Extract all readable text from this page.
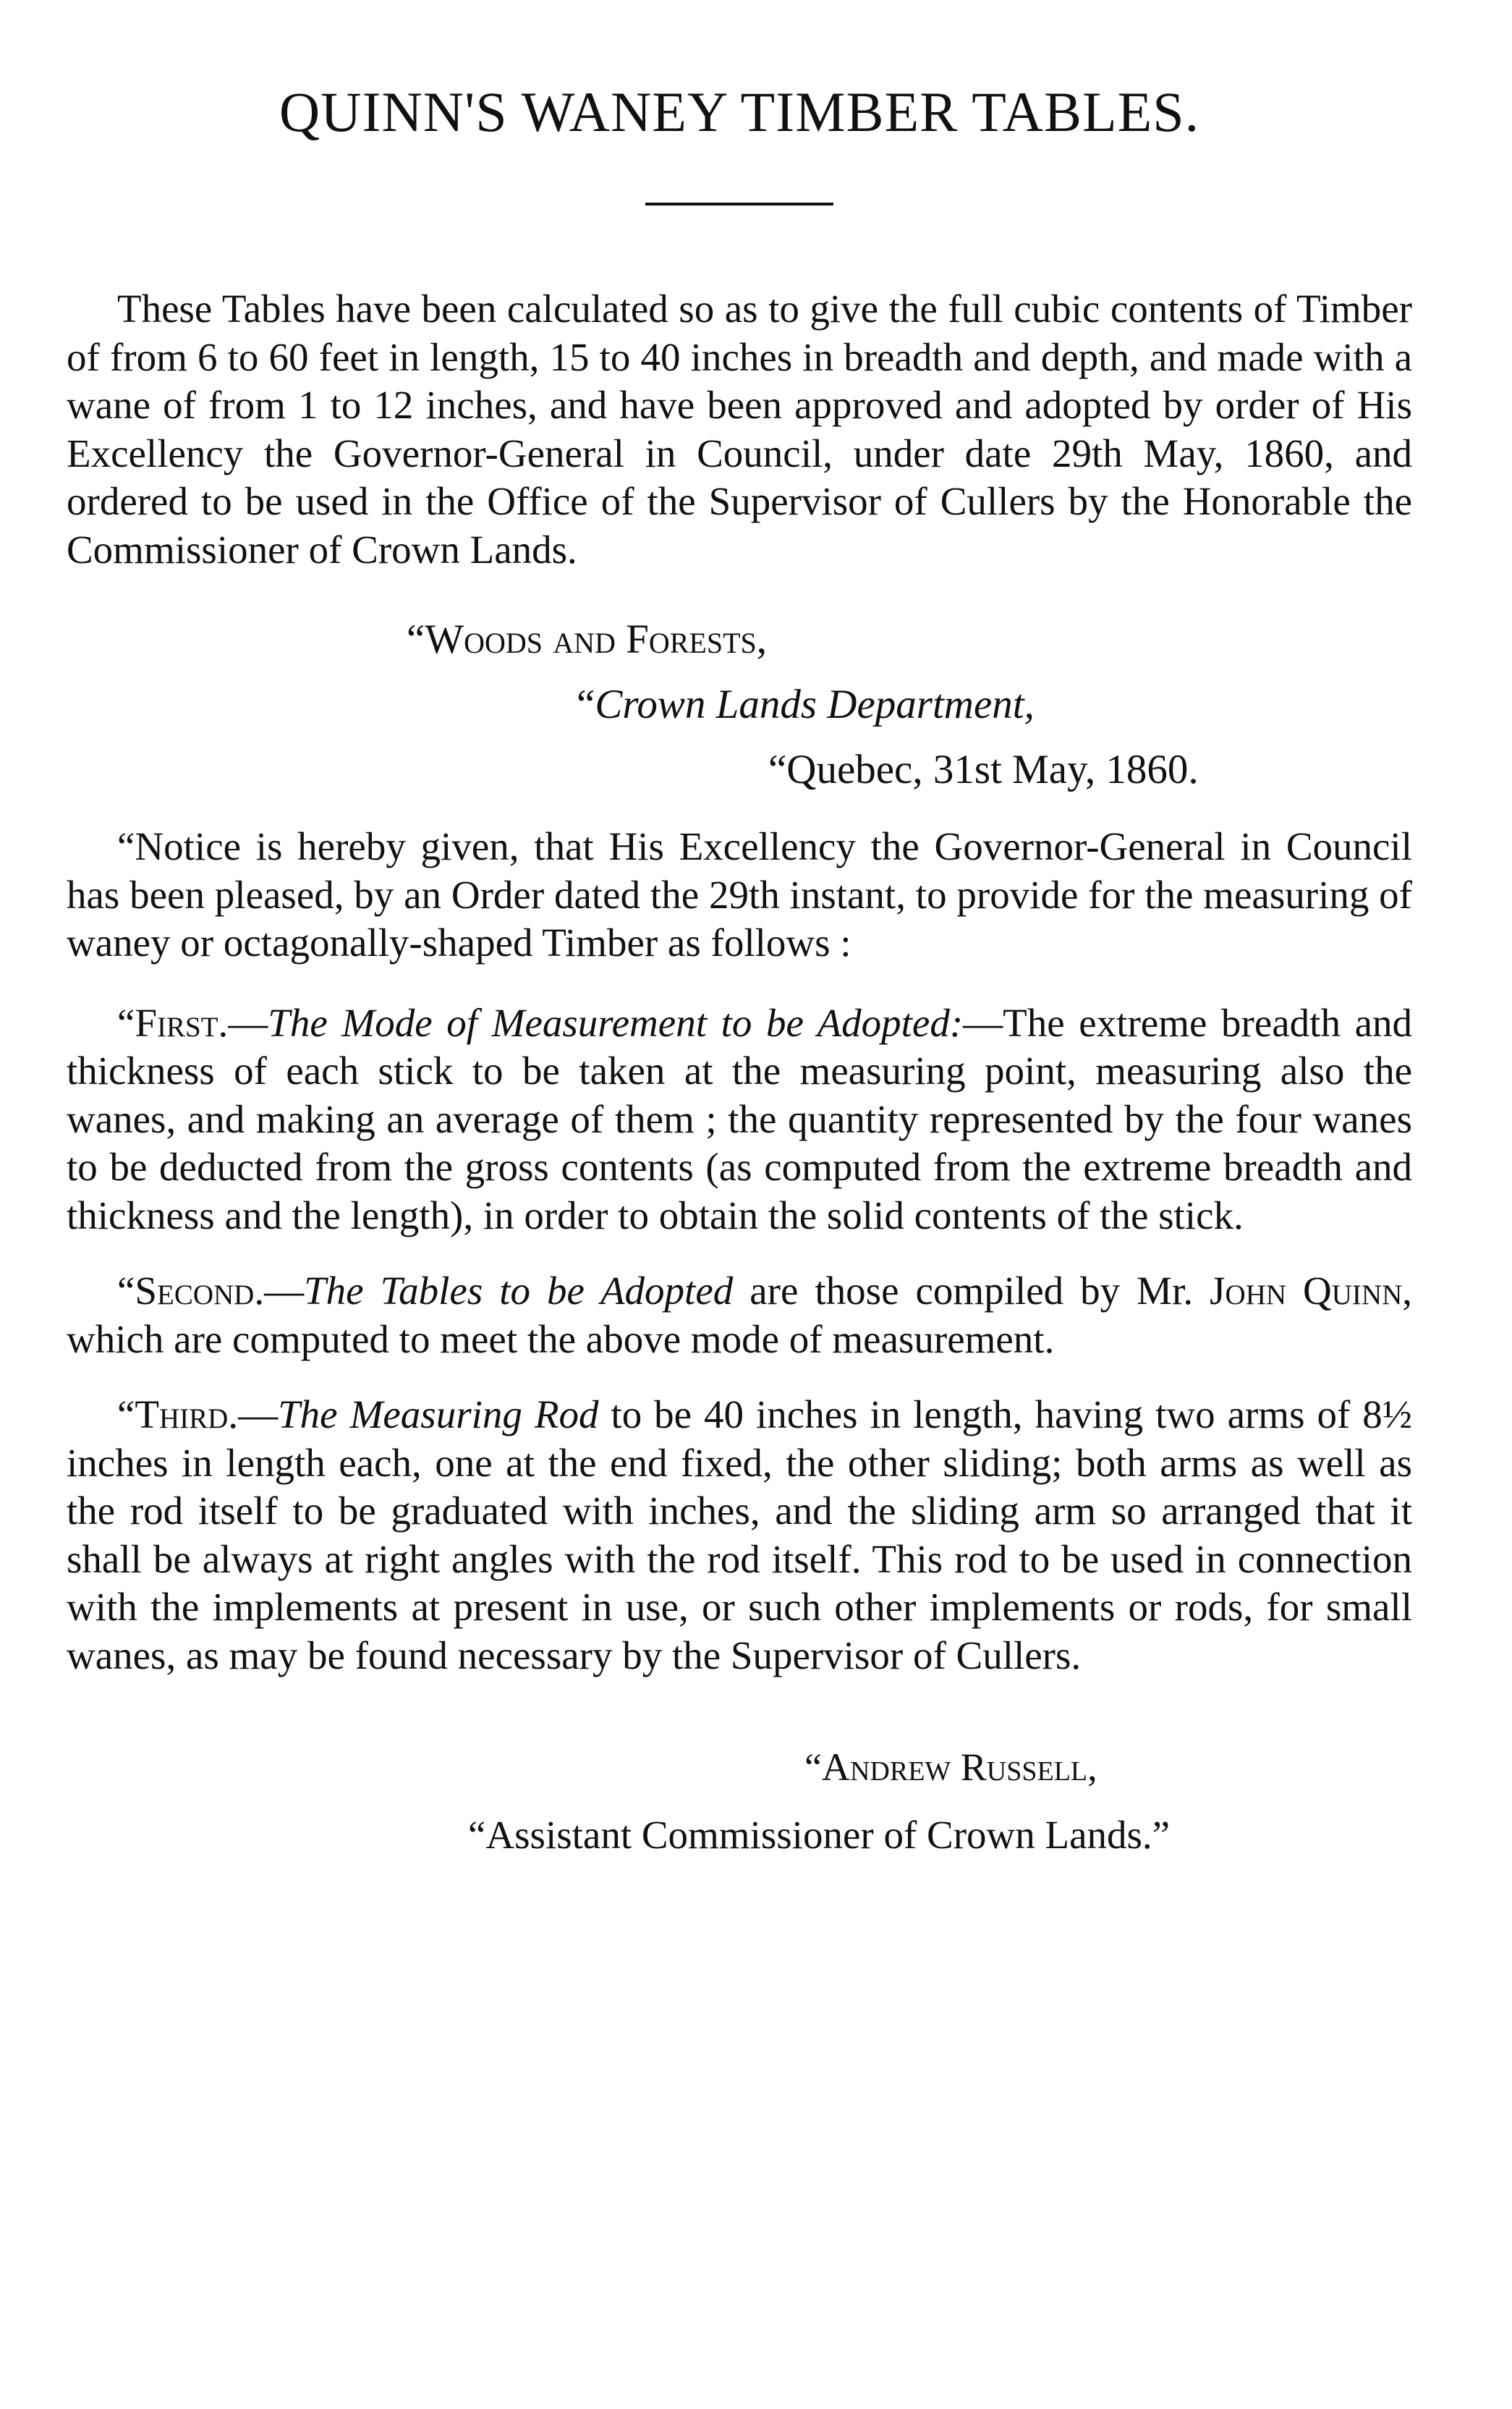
QUINN'S WANEY TIMBER TABLES.

These Tables have been calculated so as to give the full cubic contents of Timber of from 6 to 60 feet in length, 15 to 40 inches in breadth and depth, and made with a wane of from 1 to 12 inches, and have been approved and adopted by order of His Excellency the Governor-General in Council, under date 29th May, 1860, and ordered to be used in the Office of the Supervisor of Cullers by the Honorable the Commissioner of Crown Lands.

“Woods and Forests,

“Crown Lands Department,

“Quebec, 31st May, 1860.

“Notice is hereby given, that His Excellency the Governor-General in Council has been pleased, by an Order dated the 29th instant, to provide for the measuring of waney or octagonally-shaped Timber as follows :

“First.—The Mode of Measurement to be Adopted:—The extreme breadth and thickness of each stick to be taken at the measuring point, measuring also the wanes, and making an average of them ; the quantity represented by the four wanes to be deducted from the gross contents (as computed from the extreme breadth and thickness and the length), in order to obtain the solid contents of the stick.

“Second.—The Tables to be Adopted are those compiled by Mr. John Quinn, which are computed to meet the above mode of measurement.

“Third.—The Measuring Rod to be 40 inches in length, having two arms of 8½ inches in length each, one at the end fixed, the other sliding; both arms as well as the rod itself to be graduated with inches, and the sliding arm so arranged that it shall be always at right angles with the rod itself. This rod to be used in connection with the implements at present in use, or such other implements or rods, for small wanes, as may be found necessary by the Supervisor of Cullers.

“Andrew Russell,

“Assistant Commissioner of Crown Lands.”
